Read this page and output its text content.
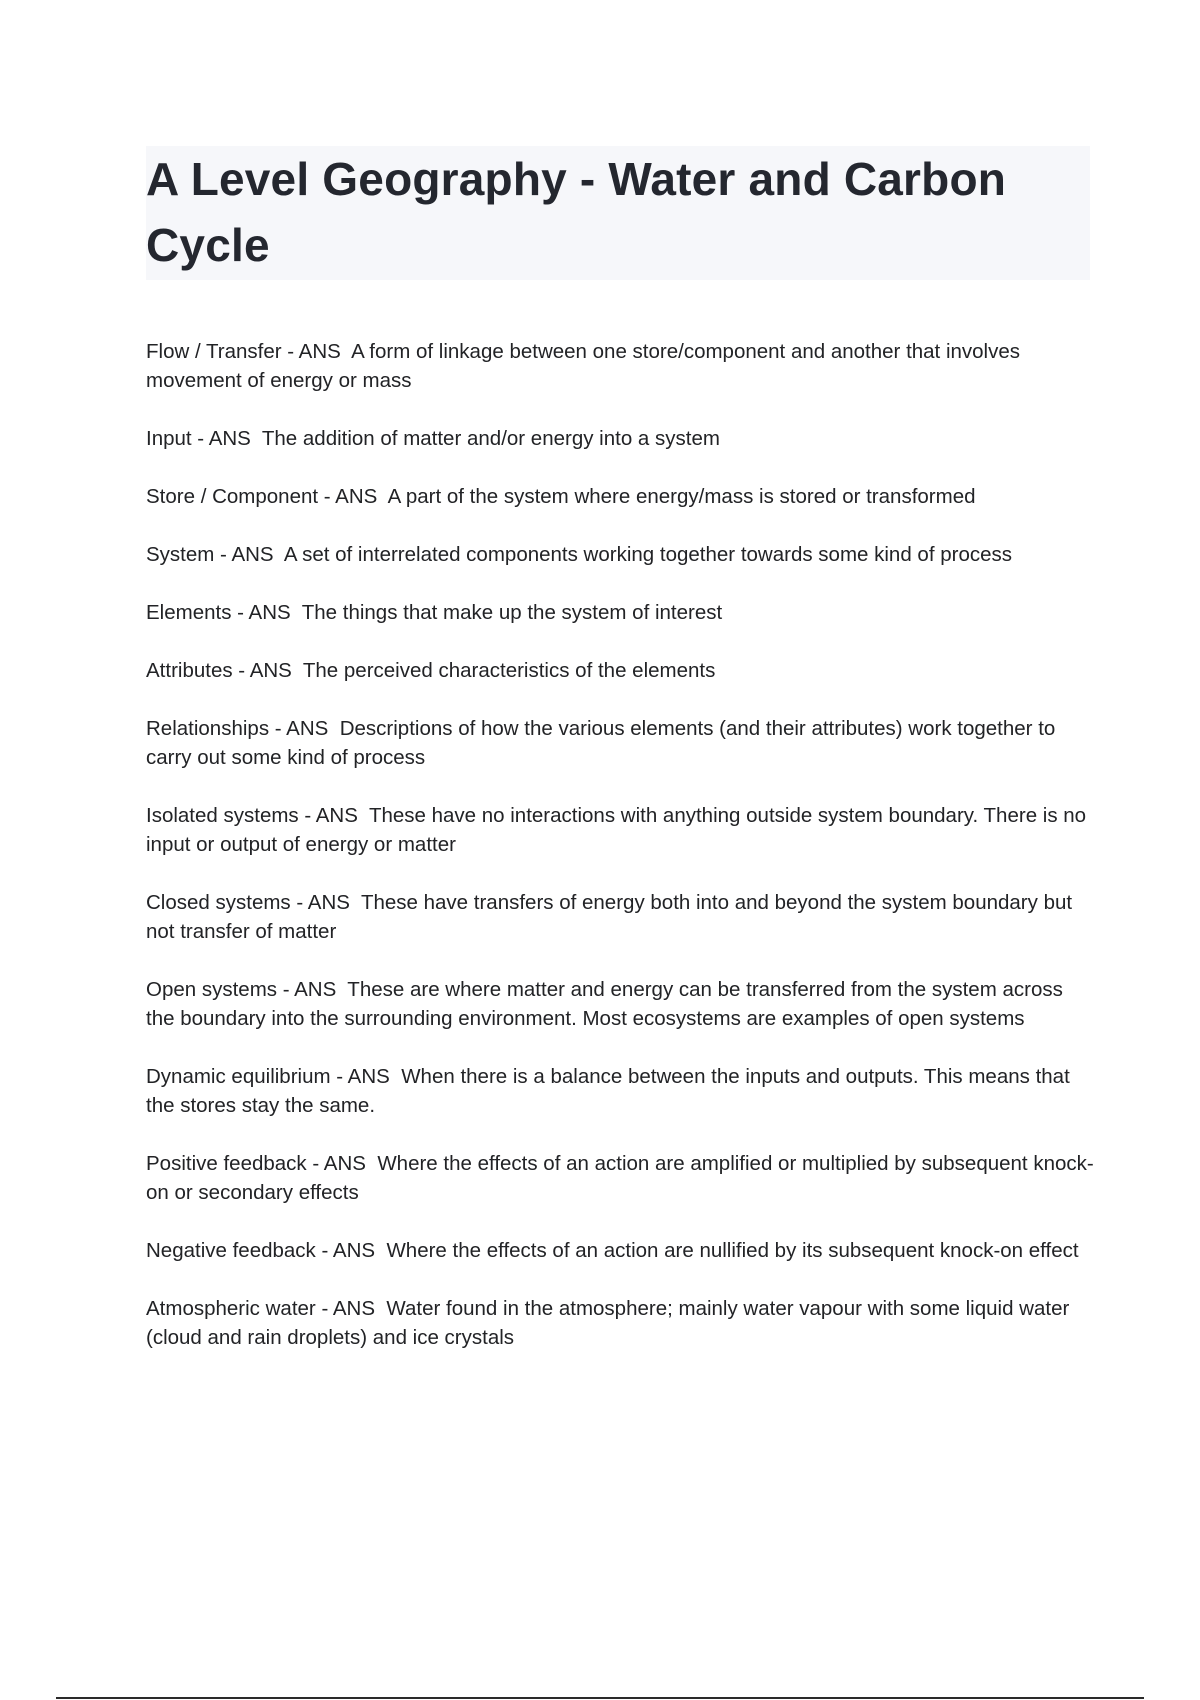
A Level Geography - Water and Carbon Cycle

Flow / Transfer - ANS  A form of linkage between one store/component and another that involves movement of energy or mass

Input - ANS  The addition of matter and/or energy into a system

Store / Component - ANS  A part of the system where energy/mass is stored or transformed

System - ANS  A set of interrelated components working together towards some kind of process

Elements - ANS  The things that make up the system of interest

Attributes - ANS  The perceived characteristics of the elements

Relationships - ANS  Descriptions of how the various elements (and their attributes) work together to carry out some kind of process

Isolated systems - ANS  These have no interactions with anything outside system boundary. There is no input or output of energy or matter

Closed systems - ANS  These have transfers of energy both into and beyond the system boundary but not transfer of matter

Open systems - ANS  These are where matter and energy can be transferred from the system across the boundary into the surrounding environment. Most ecosystems are examples of open systems

Dynamic equilibrium - ANS  When there is a balance between the inputs and outputs. This means that the stores stay the same.

Positive feedback - ANS  Where the effects of an action are amplified or multiplied by subsequent knock-on or secondary effects

Negative feedback - ANS  Where the effects of an action are nullified by its subsequent knock-on effect

Atmospheric water - ANS  Water found in the atmosphere; mainly water vapour with some liquid water (cloud and rain droplets) and ice crystals
